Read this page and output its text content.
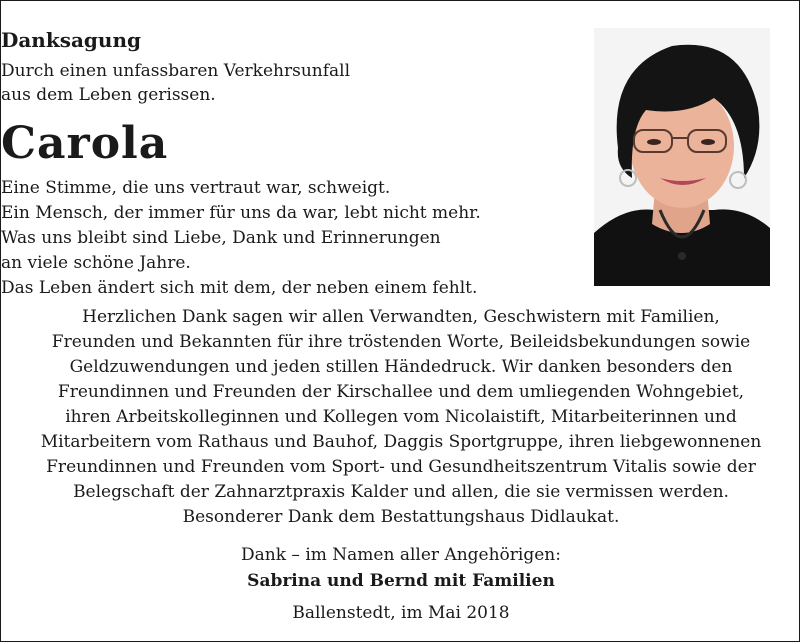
Danksagung
Durch einen unfassbaren Verkehrsunfall
aus dem Leben gerissen.
Carola
Eine Stimme, die uns vertraut war, schweigt.
Ein Mensch, der immer für uns da war, lebt nicht mehr.
Was uns bleibt sind Liebe, Dank und Erinnerungen
an viele schöne Jahre.
Das Leben ändert sich mit dem, der neben einem fehlt.
Herzlichen Dank sagen wir allen Verwandten, Geschwistern mit Familien,
Freunden und Bekannten für ihre tröstenden Worte, Beileidsbekundungen sowie
Geldzuwendungen und jeden stillen Händedruck. Wir danken besonders den
Freundinnen und Freunden der Kirschallee und dem umliegenden Wohngebiet,
ihren Arbeitskolleginnen und Kollegen vom Nicolaistift, Mitarbeiterinnen und
Mitarbeitern vom Rathaus und Bauhof, Daggis Sportgruppe, ihren liebgewonnenen
Freundinnen und Freunden vom Sport- und Gesundheitszentrum Vitalis sowie der
Belegschaft der Zahnarztpraxis Kalder und allen, die sie vermissen werden.
Besonderer Dank dem Bestattungshaus Didlaukat.
Dank – im Namen aller Angehörigen:
Sabrina und Bernd mit Familien
Ballenstedt, im Mai 2018
